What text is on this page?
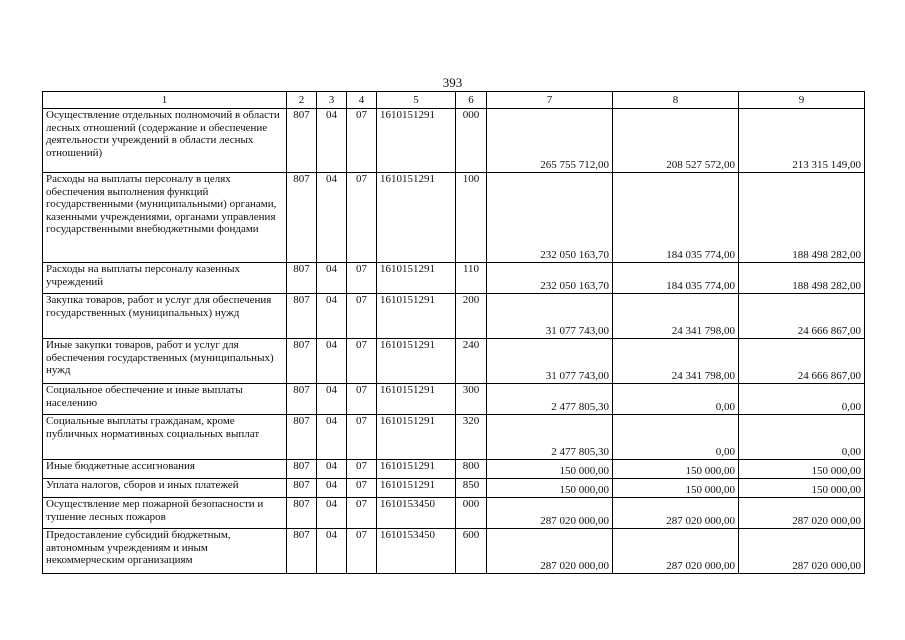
393
1	2	3	4	5	6	7	8	9
Осуществление отдельных полномочий в области лесных отношений (содержание и обеспечение деятельности учреждений в области лесных отношений)	807	04	07	1610151291	000	265 755 712,00	208 527 572,00	213 315 149,00
Расходы на выплаты персоналу в целях обеспечения выполнения функций государственными (муниципальными) органами, казенными учреждениями, органами управления государственными внебюджетными фондами	807	04	07	1610151291	100	232 050 163,70	184 035 774,00	188 498 282,00
Расходы на выплаты персоналу казенных учреждений	807	04	07	1610151291	110	232 050 163,70	184 035 774,00	188 498 282,00
Закупка товаров, работ и услуг для обеспечения государственных (муниципальных) нужд	807	04	07	1610151291	200	31 077 743,00	24 341 798,00	24 666 867,00
Иные закупки товаров, работ и услуг для обеспечения государственных (муниципальных) нужд	807	04	07	1610151291	240	31 077 743,00	24 341 798,00	24 666 867,00
Социальное обеспечение и иные выплаты населению	807	04	07	1610151291	300	2 477 805,30	0,00	0,00
Социальные выплаты гражданам, кроме публичных нормативных социальных выплат	807	04	07	1610151291	320	2 477 805,30	0,00	0,00
Иные бюджетные ассигнования	807	04	07	1610151291	800	150 000,00	150 000,00	150 000,00
Уплата налогов, сборов и иных платежей	807	04	07	1610151291	850	150 000,00	150 000,00	150 000,00
Осуществление мер пожарной безопасности и тушение лесных пожаров	807	04	07	1610153450	000	287 020 000,00	287 020 000,00	287 020 000,00
Предоставление субсидий бюджетным, автономным учреждениям и иным некоммерческим организациям	807	04	07	1610153450	600	287 020 000,00	287 020 000,00	287 020 000,00
